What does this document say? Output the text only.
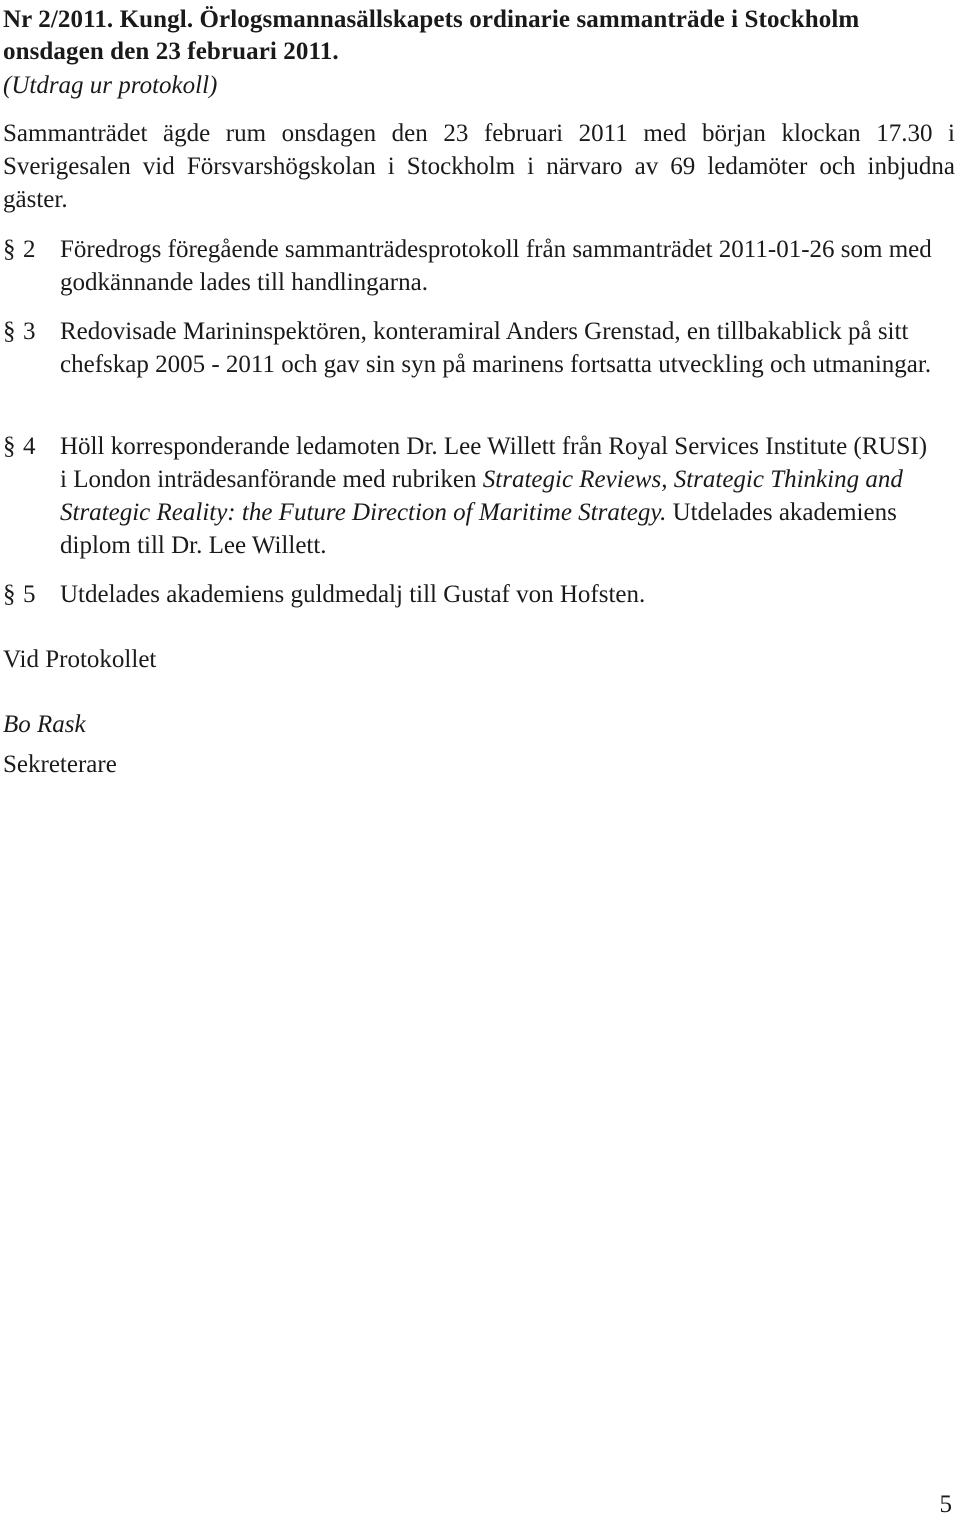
Nr 2/2011. Kungl. Örlogsmannasällskapets ordinarie sammanträde i Stockholm onsdagen den 23 februari 2011.
(Utdrag ur protokoll)
Sammanträdet ägde rum onsdagen den 23 februari 2011 med början klockan 17.30 i Sverigesalen vid Försvarshögskolan i Stockholm i närvaro av 69 ledamöter och inbjudna gäster.
§ 2 Föredrogs föregående sammanträdesprotokoll från sammanträdet 2011-01-26 som med godkännande lades till handlingarna.
§ 3 Redovisade Marininspektören, konteramiral Anders Grenstad, en tillbakablick på sitt chefskap 2005 - 2011 och gav sin syn på marinens fortsatta utveckling och utmaningar.
§ 4 Höll korresponderande ledamoten Dr. Lee Willett från Royal Services Institute (RUSI) i London inträdesanförande med rubriken Strategic Reviews, Strategic Thinking and Strategic Reality: the Future Direction of Maritime Strategy. Utdelades akademiens diplom till Dr. Lee Willett.
§ 5 Utdelades akademiens guldmedalj till Gustaf von Hofsten.
Vid Protokollet
Bo Rask
Sekreterare
5
